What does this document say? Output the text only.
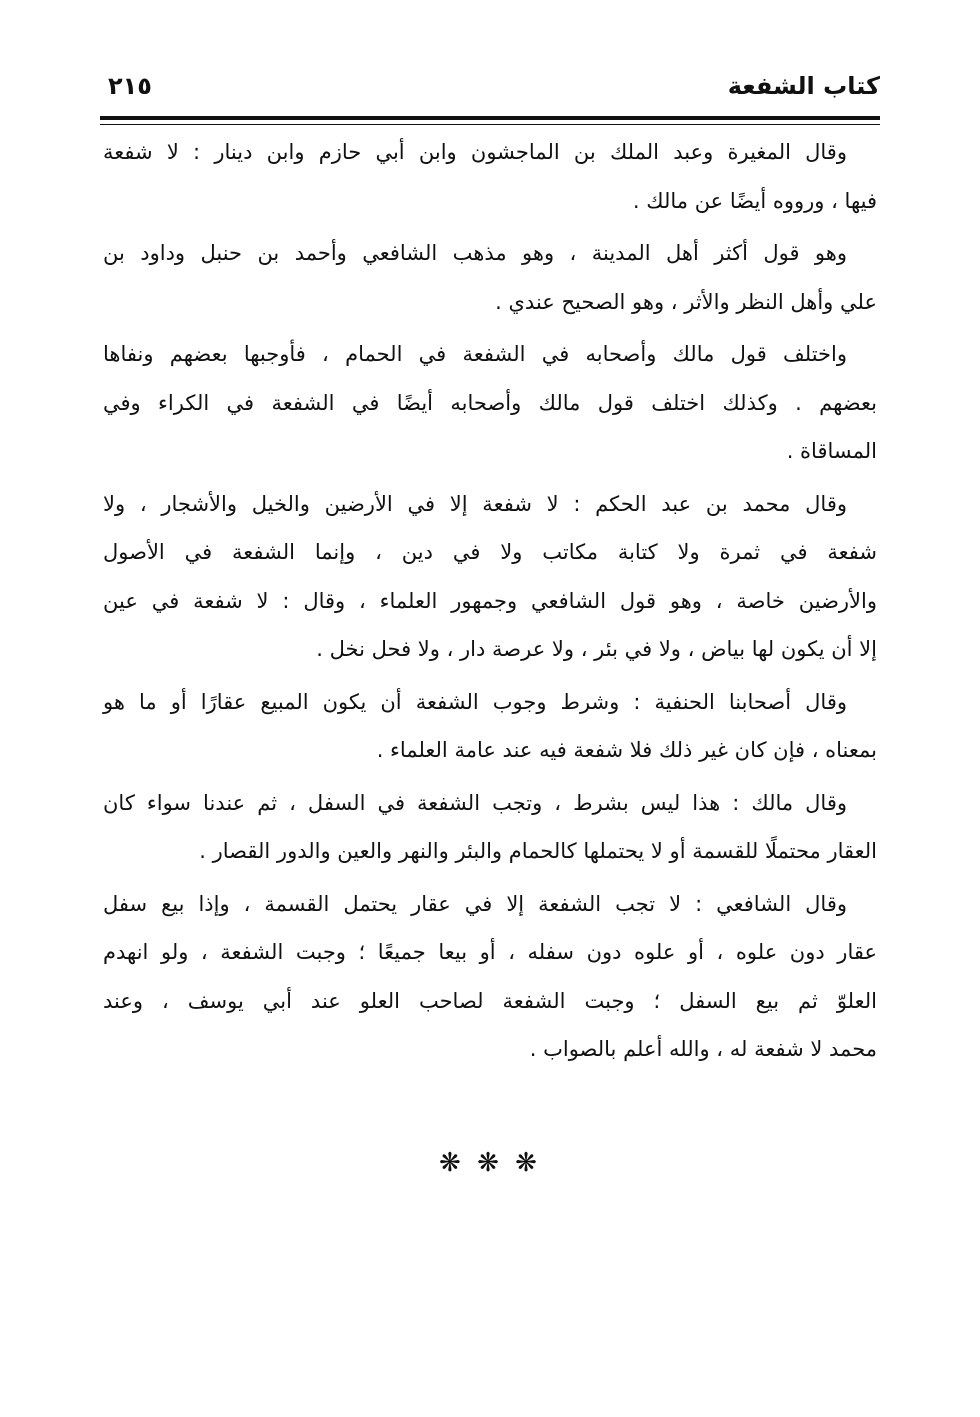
كتاب الشفعة
٢١٥
وقال المغيرة وعبد الملك بن الماجشون وابن أبي حازم وابن دينار : لا شفعة
فيها ، ورووه أيضًا عن مالك .
وهو قول أكثر أهل المدينة ، وهو مذهب الشافعي وأحمد بن حنبل وداود بن
علي وأهل النظر والأثر ، وهو الصحيح عندي .
واختلف قول مالك وأصحابه في الشفعة في الحمام ، فأوجبها بعضهم ونفاها
بعضهم . وكذلك اختلف قول مالك وأصحابه أيضًا في الشفعة في الكراء وفي
المساقاة .
وقال محمد بن عبد الحكم : لا شفعة إلا في الأرضين والخيل والأشجار ، ولا
شفعة في ثمرة ولا كتابة مكاتب ولا في دين ، وإنما الشفعة في الأصول
والأرضين خاصة ، وهو قول الشافعي وجمهور العلماء ، وقال : لا شفعة في عين
إلا أن يكون لها بياض ، ولا في بئر ، ولا عرصة دار ، ولا فحل نخل .
وقال أصحابنا الحنفية : وشرط وجوب الشفعة أن يكون المبيع عقارًا أو ما هو
بمعناه ، فإن كان غير ذلك فلا شفعة فيه عند عامة العلماء .
وقال مالك : هذا ليس بشرط ، وتجب الشفعة في السفل ، ثم عندنا سواء كان
العقار محتملًا للقسمة أو لا يحتملها كالحمام والبئر والنهر والعين والدور القصار .
وقال الشافعي : لا تجب الشفعة إلا في عقار يحتمل القسمة ، وإذا بيع سفل
عقار دون علوه ، أو علوه دون سفله ، أو بيعا جميعًا ؛ وجبت الشفعة ، ولو انهدم
العلوّ ثم بيع السفل ؛ وجبت الشفعة لصاحب العلو عند أبي يوسف ، وعند
محمد لا شفعة له ، والله أعلم بالصواب .
❋ ❋ ❋
